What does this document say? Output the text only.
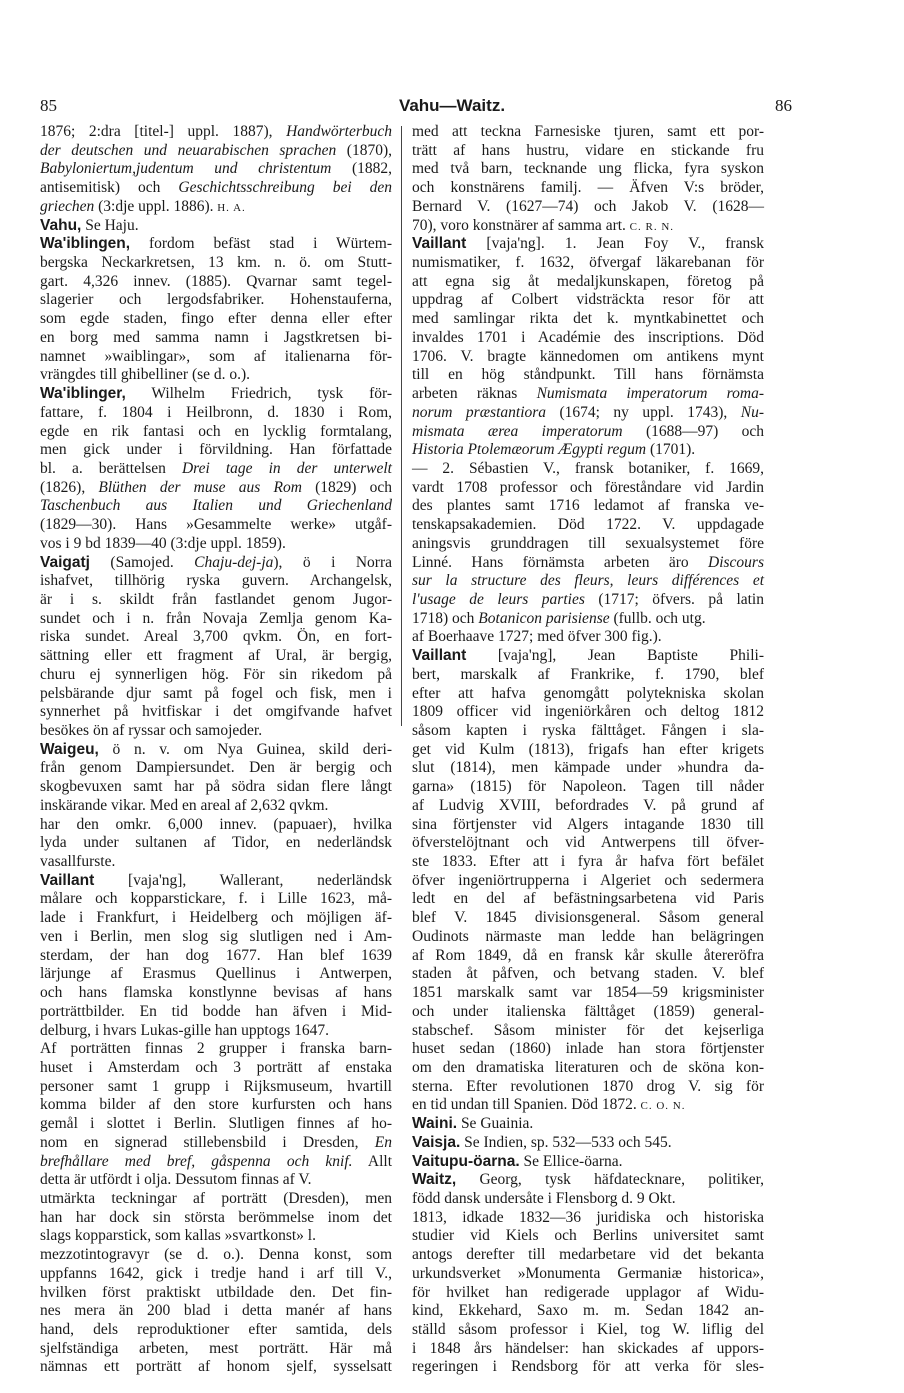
85	Vahu—Waitz.	86
1876; 2:dra [titel-] uppl. 1887), Handwörterbuch
der deutschen und neuarabischen sprachen (1870),
Babyloniertum,judentum und christentum (1882,
antisemitisk) och Geschichtsschreibung bei den
griechen (3:dje uppl. 1886). H. A.
Vahu, Se Haju.
Wa'iblingen, fordom befäst stad i Würtem-
bergska Neckarkretsen, 13 km. n. ö. om Stutt-
gart. 4,326 innev. (1885). Qvarnar samt tegel-
slagerier och lergodsfabriker. Hohenstauferna,
som egde staden, fingo efter denna eller efter
en borg med samma namn i Jagstkretsen bi-
namnet »waiblingar», som af italienarna för-
vrängdes till ghibelliner (se d. o.).
Wa'iblinger, Wilhelm Friedrich, tysk för-
fattare, f. 1804 i Heilbronn, d. 1830 i Rom,
egde en rik fantasi och en lycklig formtalang,
men gick under i förvildning. Han författade
bl. a. berättelsen Drei tage in der unterwelt
(1826), Blüthen der muse aus Rom (1829) och
Taschenbuch aus Italien und Griechenland
(1829—30). Hans »Gesammelte werke» utgåf-
vos i 9 bd 1839—40 (3:dje uppl. 1859).
Vaigatj (Samojed. Chaju-dej-ja), ö i Norra
ishafvet, tillhörig ryska guvern. Archangelsk,
är i s. skildt från fastlandet genom Jugor-
sundet och i n. från Novaja Zemlja genom Ka-
riska sundet. Areal 3,700 qvkm. Ön, en fort-
sättning eller ett fragment af Ural, är bergig,
churu ej synnerligen hög. För sin rikedom på
pelsbärande djur samt på fogel och fisk, men i
synnerhet på hvitfiskar i det omgifvande hafvet
besökes ön af ryssar och samojeder.
Waigeu, ö n. v. om Nya Guinea, skild deri-
från genom Dampiersundet. Den är bergig och
skogbevuxen samt har på södra sidan flere långt
inskärande vikar. Med en areal af 2,632 qvkm.
har den omkr. 6,000 innev. (papuaer), hvilka
lyda under sultanen af Tidor, en nederländsk
vasallfurste.
Vaillant [vaja'ng], Wallerant, nederländsk
målare och kopparstickare, f. i Lille 1623, må-
lade i Frankfurt, i Heidelberg och möjligen äf-
ven i Berlin, men slog sig slutligen ned i Am-
sterdam, der han dog 1677. Han blef 1639
lärjunge af Erasmus Quellinus i Antwerpen,
och hans flamska konstlynne bevisas af hans
porträttbilder. En tid bodde han äfven i Mid-
delburg, i hvars Lukas-gille han upptogs 1647.
Af porträtten finnas 2 grupper i franska barn-
huset i Amsterdam och 3 porträtt af enstaka
personer samt 1 grupp i Rijksmuseum, hvartill
komma bilder af den store kurfursten och hans
gemål i slottet i Berlin. Slutligen finnes af ho-
nom en signerad stillebensbild i Dresden, En
brefhållare med bref, gåspenna och knif. Allt
detta är utfördt i olja. Dessutom finnas af V.
utmärkta teckningar af porträtt (Dresden), men
han har dock sin största berömmelse inom det
slags kopparstick, som kallas »svartkonst» l.
mezzotintogravyr (se d. o.). Denna konst, som
uppfanns 1642, gick i tredje hand i arf till V.,
hvilken först praktiskt utbildade den. Det fin-
nes mera än 200 blad i detta manér af hans
hand, dels reproduktioner efter samtida, dels
sjelfständiga arbeten, mest porträtt. Här må
nämnas ett porträtt af honom sjelf, sysselsatt
med att teckna Farnesiske tjuren, samt ett por-
trätt af hans hustru, vidare en stickande fru
med två barn, tecknande ung flicka, fyra syskon
och konstnärens familj. — Äfven V:s bröder,
Bernard V. (1627—74) och Jakob V. (1628—
70), voro konstnärer af samma art. C. R. N.
Vaillant [vaja'ng]. 1. Jean Foy V., fransk
numismatiker, f. 1632, öfvergaf läkarebanan för
att egna sig åt medaljkunskapen, företog på
uppdrag af Colbert vidsträckta resor för att
med samlingar rikta det k. myntkabinettet och
invaldes 1701 i Académie des inscriptions. Död
1706. V. bragte kännedomen om antikens mynt
till en hög ståndpunkt. Till hans förnämsta
arbeten räknas Numismata imperatorum roma-
norum præstantiora (1674; ny uppl. 1743), Nu-
mismata ærea imperatorum (1688—97) och
Historia Ptolemæorum Ægypti regum (1701).
— 2. Sébastien V., fransk botaniker, f. 1669,
vardt 1708 professor och föreståndare vid Jardin
des plantes samt 1716 ledamot af franska ve-
tenskapsakademien. Död 1722. V. uppdagade
aningsvis grunddragen till sexualsystemet före
Linné. Hans förnämsta arbeten äro Discours
sur la structure des fleurs, leurs différences et
l'usage de leurs parties (1717; öfvers. på latin
1718) och Botanicon parisiense (fullb. och utg.
af Boerhaave 1727; med öfver 300 fig.).
Vaillant [vaja'ng], Jean Baptiste Phili-
bert, marskalk af Frankrike, f. 1790, blef
efter att hafva genomgått polytekniska skolan
1809 officer vid ingeniörkåren och deltog 1812
såsom kapten i ryska fälttåget. Fången i sla-
get vid Kulm (1813), frigafs han efter krigets
slut (1814), men kämpade under »hundra da-
garna» (1815) för Napoleon. Tagen till nåder
af Ludvig XVIII, befordrades V. på grund af
sina förtjenster vid Algers intagande 1830 till
öfverstelöjtnant och vid Antwerpens till öfver-
ste 1833. Efter att i fyra år hafva fört befälet
öfver ingeniörtrupperna i Algeriet och sedermera
ledt en del af befästningsarbetena vid Paris
blef V. 1845 divisionsgeneral. Såsom general
Oudinots närmaste man ledde han belägringen
af Rom 1849, då en fransk kår skulle återeröfra
staden åt påfven, och betvang staden. V. blef
1851 marskalk samt var 1854—59 krigsminister
och under italienska fälttåget (1859) general-
stabschef. Såsom minister för det kejserliga
huset sedan (1860) inlade han stora förtjenster
om den dramatiska literaturen och de sköna kon-
sterna. Efter revolutionen 1870 drog V. sig för
en tid undan till Spanien. Död 1872. C. O. N.
Waini. Se Guainia.
Vaisja. Se Indien, sp. 532—533 och 545.
Vaitupu-öarna. Se Ellice-öarna.
Waitz, Georg, tysk häfdatecknare, politiker,
född dansk undersåte i Flensborg d. 9 Okt.
1813, idkade 1832—36 juridiska och historiska
studier vid Kiels och Berlins universitet samt
antogs derefter till medarbetare vid det bekanta
urkundsverket »Monumenta Germaniæ historica»,
för hvilket han redigerade upplagor af Widu-
kind, Ekkehard, Saxo m. m. Sedan 1842 an-
ställd såsom professor i Kiel, tog W. liflig del
i 1848 års händelser: han skickades af uppors-
regeringen i Rendsborg för att verka för sles-
